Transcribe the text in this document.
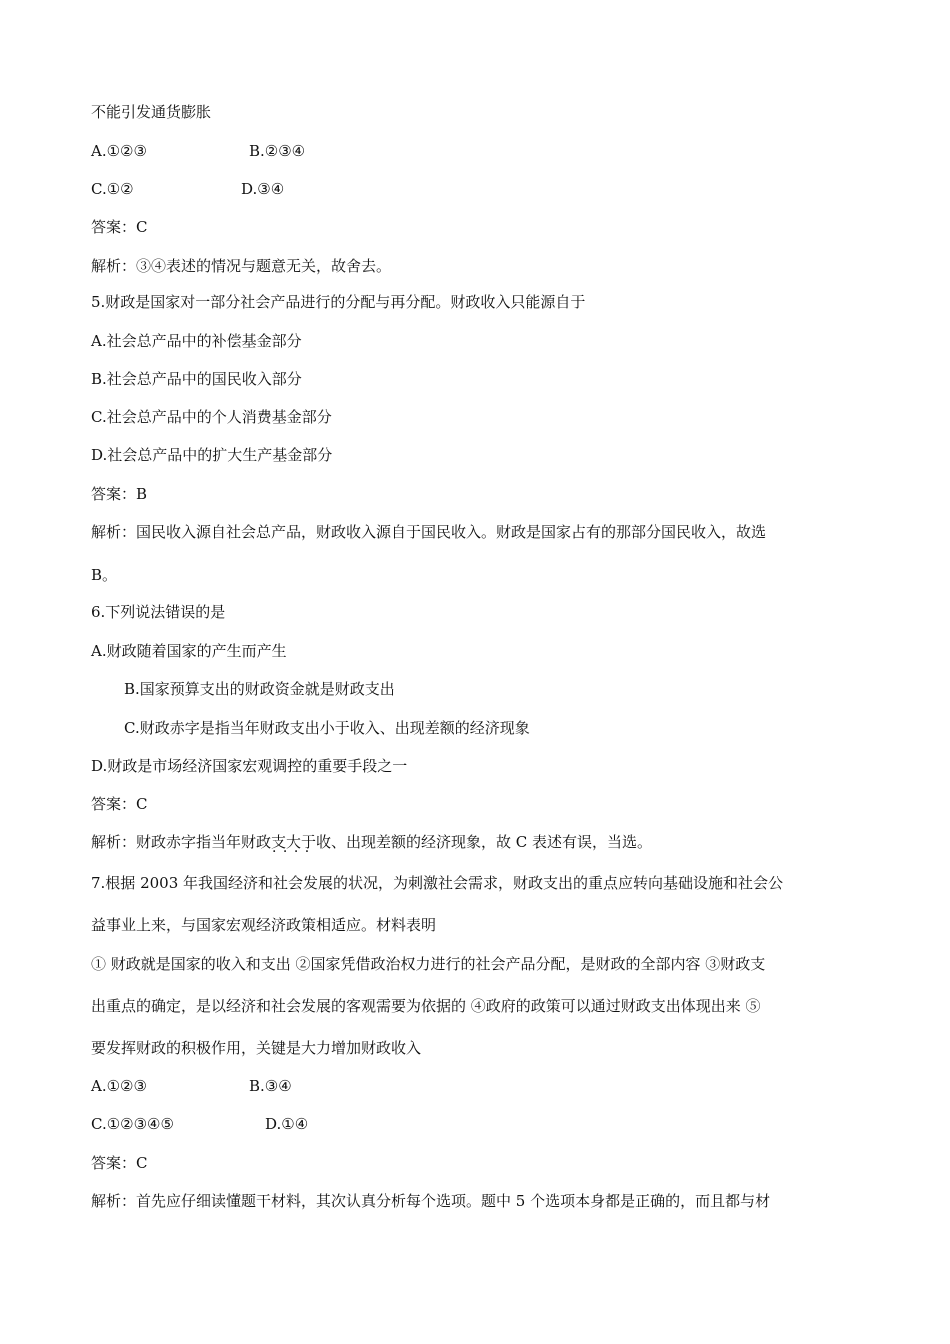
不能引发通货膨胀
A.①②③	B.②③④
C.①②	D.③④
答案：C
解析：③④表述的情况与题意无关，故舍去。
5.财政是国家对一部分社会产品进行的分配与再分配。财政收入只能源自于
A.社会总产品中的补偿基金部分
B.社会总产品中的国民收入部分
C.社会总产品中的个人消费基金部分
D.社会总产品中的扩大生产基金部分
答案：B
解析：国民收入源自社会总产品，财政收入源自于国民收入。财政是国家占有的那部分国民收入，故选
B。
6.下列说法错误的是
A.财政随着国家的产生而产生
B.国家预算支出的财政资金就是财政支出
C.财政赤字是指当年财政支出小于收入、出现差额的经济现象
D.财政是市场经济国家宏观调控的重要手段之一
答案：C
解析：财政赤字指当年财政支大于收 · · 、出现差额的经济现象，故 C 表述有误，当选。
7.根据 2003 年我国经济和社会发展的状况，为刺激社会需求，财政支出的重点应转向基础设施和社会公
益事业上来，与国家宏观经济政策相适应。材料表明
① 财政就是国家的收入和支出 ②国家凭借政治权力进行的社会产品分配，是财政的全部内容 ③财政支
出重点的确定，是以经济和社会发展的客观需要为依据的 ④政府的政策可以通过财政支出体现出来 ⑤
要发挥财政的积极作用，关键是大力增加财政收入
A.①②③	B.③④
C.①②③④⑤	D.①④
答案：C
解析：首先应仔细读懂题干材料，其次认真分析每个选项。题中 5 个选项本身都是正确的，而且都与材
